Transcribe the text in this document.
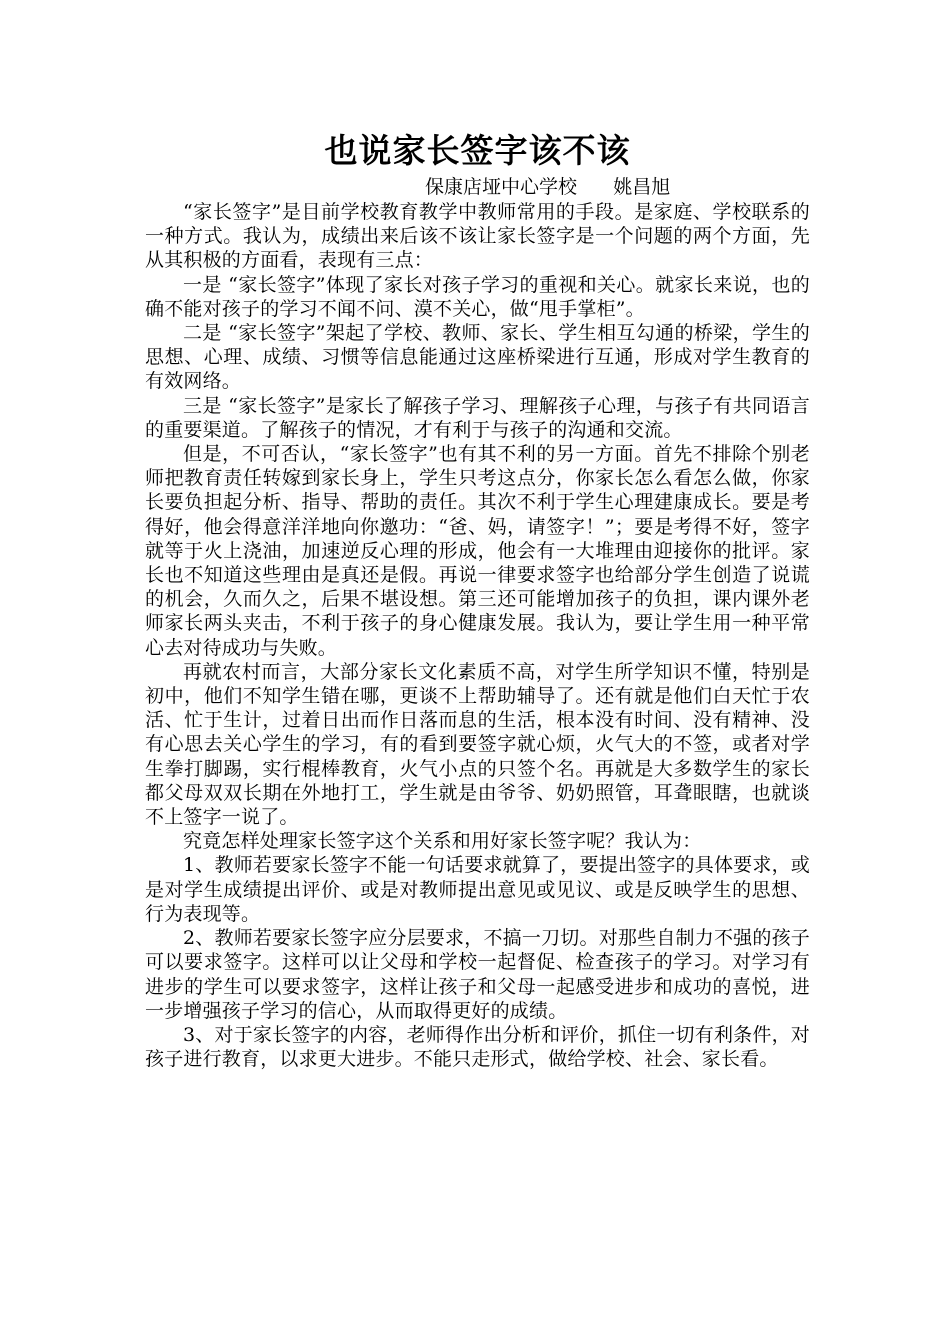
也说家长签字该不该

保康店垭中心学校      姚昌旭

“家长签字”是目前学校教育教学中教师常用的手段。是家庭、学校联系的一种方式。我认为，成绩出来后该不该让家长签字是一个问题的两个方面，先从其积极的方面看，表现有三点：

一是 “家长签字”体现了家长对孩子学习的重视和关心。就家长来说，也的确不能对孩子的学习不闻不问、漠不关心，做“甩手掌柜”。

二是 “家长签字”架起了学校、教师、家长、学生相互勾通的桥梁，学生的思想、心理、成绩、习惯等信息能通过这座桥梁进行互通，形成对学生教育的有效网络。

三是 “家长签字”是家长了解孩子学习、理解孩子心理，与孩子有共同语言的重要渠道。了解孩子的情况，才有利于与孩子的沟通和交流。

但是，不可否认，“家长签字”也有其不利的另一方面。首先不排除个别老师把教育责任转嫁到家长身上，学生只考这点分，你家长怎么看怎么做，你家长要负担起分析、指导、帮助的责任。其次不利于学生心理建康成长。要是考得好，他会得意洋洋地向你邀功：“爸、妈，请签字！”；要是考得不好，签字就等于火上浇油，加速逆反心理的形成，他会有一大堆理由迎接你的批评。家长也不知道这些理由是真还是假。再说一律要求签字也给部分学生创造了说谎的机会，久而久之，后果不堪设想。第三还可能增加孩子的负担，课内课外老师家长两头夹击，不利于孩子的身心健康发展。我认为，要让学生用一种平常心去对待成功与失败。

再就农村而言，大部分家长文化素质不高，对学生所学知识不懂，特别是初中，他们不知学生错在哪，更谈不上帮助辅导了。还有就是他们白天忙于农活、忙于生计，过着日出而作日落而息的生活，根本没有时间、没有精神、没有心思去关心学生的学习，有的看到要签字就心烦，火气大的不签，或者对学生拳打脚踢，实行棍棒教育，火气小点的只签个名。再就是大多数学生的家长都父母双双长期在外地打工，学生就是由爷爷、奶奶照管，耳聋眼瞎，也就谈不上签字一说了。

究竟怎样处理家长签字这个关系和用好家长签字呢？我认为：

1、教师若要家长签字不能一句话要求就算了，要提出签字的具体要求，或是对学生成绩提出评价、或是对教师提出意见或见议、或是反映学生的思想、行为表现等。

2、教师若要家长签字应分层要求，不搞一刀切。对那些自制力不强的孩子可以要求签字。这样可以让父母和学校一起督促、检查孩子的学习。对学习有进步的学生可以要求签字，这样让孩子和父母一起感受进步和成功的喜悦，进一步增强孩子学习的信心，从而取得更好的成绩。

3、对于家长签字的内容，老师得作出分析和评价，抓住一切有利条件，对孩子进行教育，以求更大进步。不能只走形式，做给学校、社会、家长看。
